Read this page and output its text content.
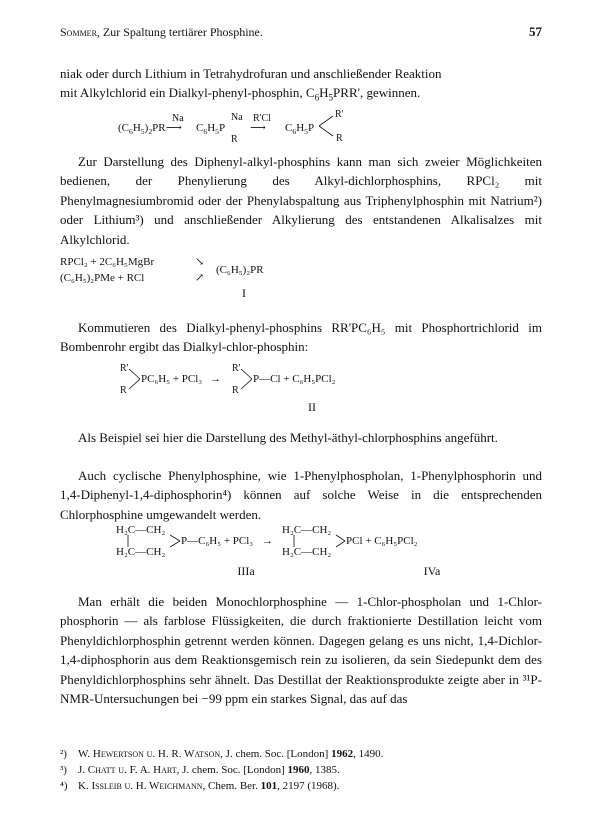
Sommer, Zur Spaltung tertiärer Phosphine.	57
niak oder durch Lithium in Tetrahydrofuran und anschließender Reaktion
mit Alkylchlorid ein Dialkyl-phenyl-phosphin, $C_6H_5PRR'$, gewinnen.
$(C_6H_5)_2PR$
Na
⟶ $C_6H_5P$
Na
R
R'Cl
⟶ $C_6H_5P$
R'
R

Zur Darstellung des Diphenyl-alkyl-phosphins kann man sich zweier Möglichkeiten bedienen, der Phenylierung des Alkyl-dichlorphosphins, RPCl₂ mit Phenylmagnesiumbromid oder der Phenylabspaltung aus Triphenylphosphin mit Natrium²) oder Lithium³) und anschließender Alkylierung des entstandenen Alkalisalzes mit Alkylchlorid.

RPCl₂ + 2C₆H₅MgBr
(C₆H₅)₂PMe + RCl
↘
↗
(C₆H₅)₂PR
I

Kommutieren des Dialkyl-phenyl-phosphins RR'PC₆H₅ mit Phosphortrichlorid im Bombenrohr ergibt das Dialkyl-chlor-phosphin:

R'
R
PC₆H₅ + PCl₃ →
R'
R
P—Cl + C₆H₅PCl₂
II

Als Beispiel sei hier die Darstellung des Methyl-äthyl-chlorphosphins angeführt.

Auch cyclische Phenylphosphine, wie 1-Phenylphospholan, 1-Phenylphosphorin und 1,4-Diphenyl-1,4-diphosphorin⁴) können auf solche Weise in die entsprechenden Chlorphosphine umgewandelt werden.

H₂C—CH₂
H₂C—CH₂
P—C₆H₅ + PCl₃ →
H₂C—CH₂
H₂C—CH₂
PCl + C₆H₅PCl₂
IIIa	IVa

Man erhält die beiden Monochlorphosphine — 1-Chlor-phospholan und 1-Chlor-phosphorin — als farblose Flüssigkeiten, die durch fraktionierte Destillation leicht vom Phenyldichlorphosphin getrennt werden können. Dagegen gelang es uns nicht, 1,4-Dichlor-1,4-diphosphorin aus dem Reaktionsgemisch rein zu isolieren, da sein Siedepunkt dem des Phenyldichlorphosphins sehr ähnelt. Das Destillat der Reaktionsprodukte zeigte aber in ³¹P-NMR-Untersuchungen bei −99 ppm ein starkes Signal, das auf das

²) W. Hewertson u. H. R. Watson, J. chem. Soc. [London] 1962, 1490.
³) J. Chatt u. F. A. Hart, J. chem. Soc. [London] 1960, 1385.
⁴) K. Issleib u. H. Weichmann, Chem. Ber. 101, 2197 (1968).
